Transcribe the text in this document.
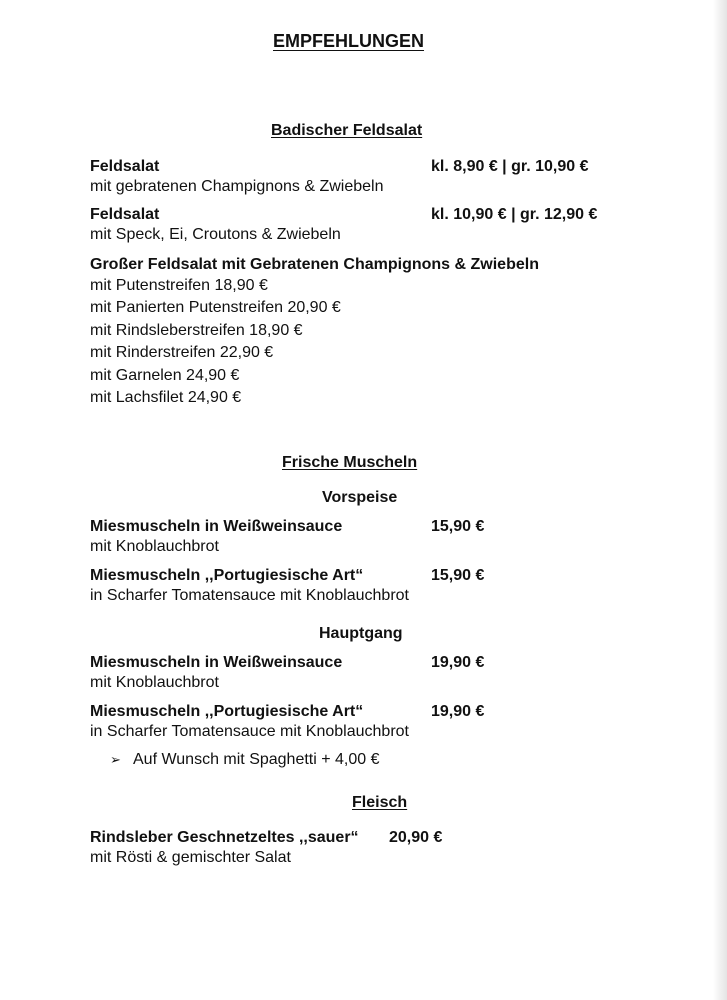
EMPFEHLUNGEN
Badischer Feldsalat
Feldsalat	kl. 8,90 € | gr. 10,90 €
mit gebratenen Champignons & Zwiebeln
Feldsalat	kl. 10,90 € | gr. 12,90 €
mit Speck, Ei, Croutons & Zwiebeln
Großer Feldsalat mit Gebratenen Champignons & Zwiebeln
mit Putenstreifen 18,90 €
mit Panierten Putenstreifen 20,90 €
mit Rindsleberstreifen 18,90 €
mit Rinderstreifen 22,90 €
mit Garnelen 24,90 €
mit Lachsfilet 24,90 €
Frische Muscheln
Vorspeise
Miesmuscheln in Weißweinsauce	15,90 €
mit Knoblauchbrot
Miesmuscheln ,,Portugiesische Art“	15,90 €
in Scharfer Tomatensauce mit Knoblauchbrot
Hauptgang
Miesmuscheln in Weißweinsauce	19,90 €
mit Knoblauchbrot
Miesmuscheln ,,Portugiesische Art“	19,90 €
in Scharfer Tomatensauce mit Knoblauchbrot
➢ Auf Wunsch mit Spaghetti + 4,00 €
Fleisch
Rindsleber Geschnetzeltes ,,sauer“ 20,90 €
mit Rösti & gemischter Salat
